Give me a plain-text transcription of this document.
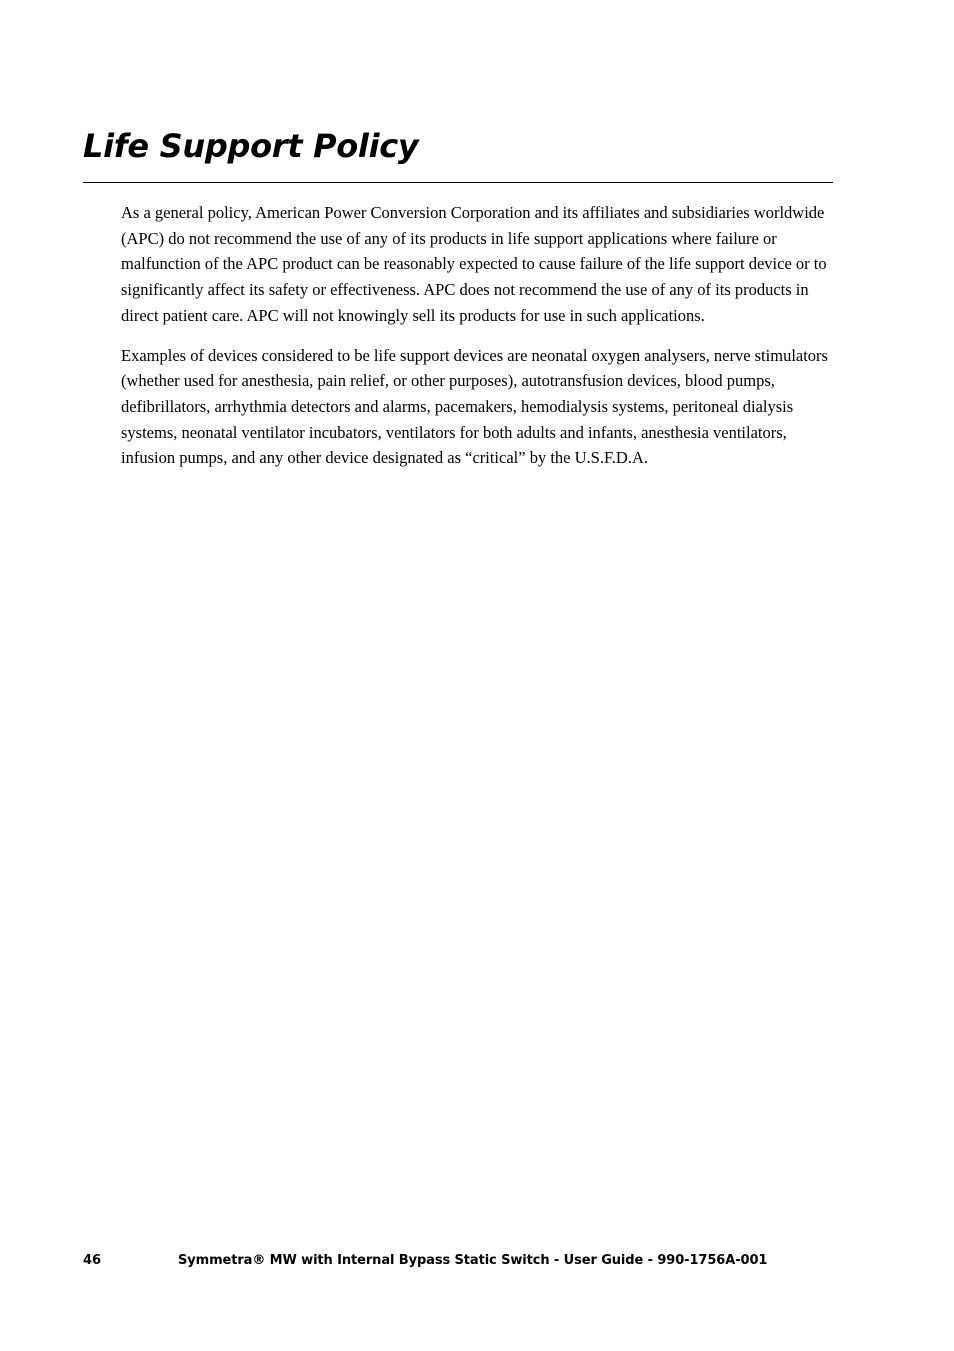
Life Support Policy

As a general policy, American Power Conversion Corporation and its affiliates and subsidiaries worldwide (APC) do not recommend the use of any of its products in life support applications where failure or malfunction of the APC product can be reasonably expected to cause failure of the life support device or to significantly affect its safety or effectiveness. APC does not recommend the use of any of its products in direct patient care. APC will not knowingly sell its products for use in such applications.

Examples of devices considered to be life support devices are neonatal oxygen analysers, nerve stimulators (whether used for anesthesia, pain relief, or other purposes), autotransfusion devices, blood pumps, defibrillators, arrhythmia detectors and alarms, pacemakers, hemodialysis systems, peritoneal dialysis systems, neonatal ventilator incubators, ventilators for both adults and infants, anesthesia ventilators, infusion pumps, and any other device designated as “critical” by the U.S.F.D.A.

46	Symmetra® MW with Internal Bypass Static Switch - User Guide - 990-1756A-001
